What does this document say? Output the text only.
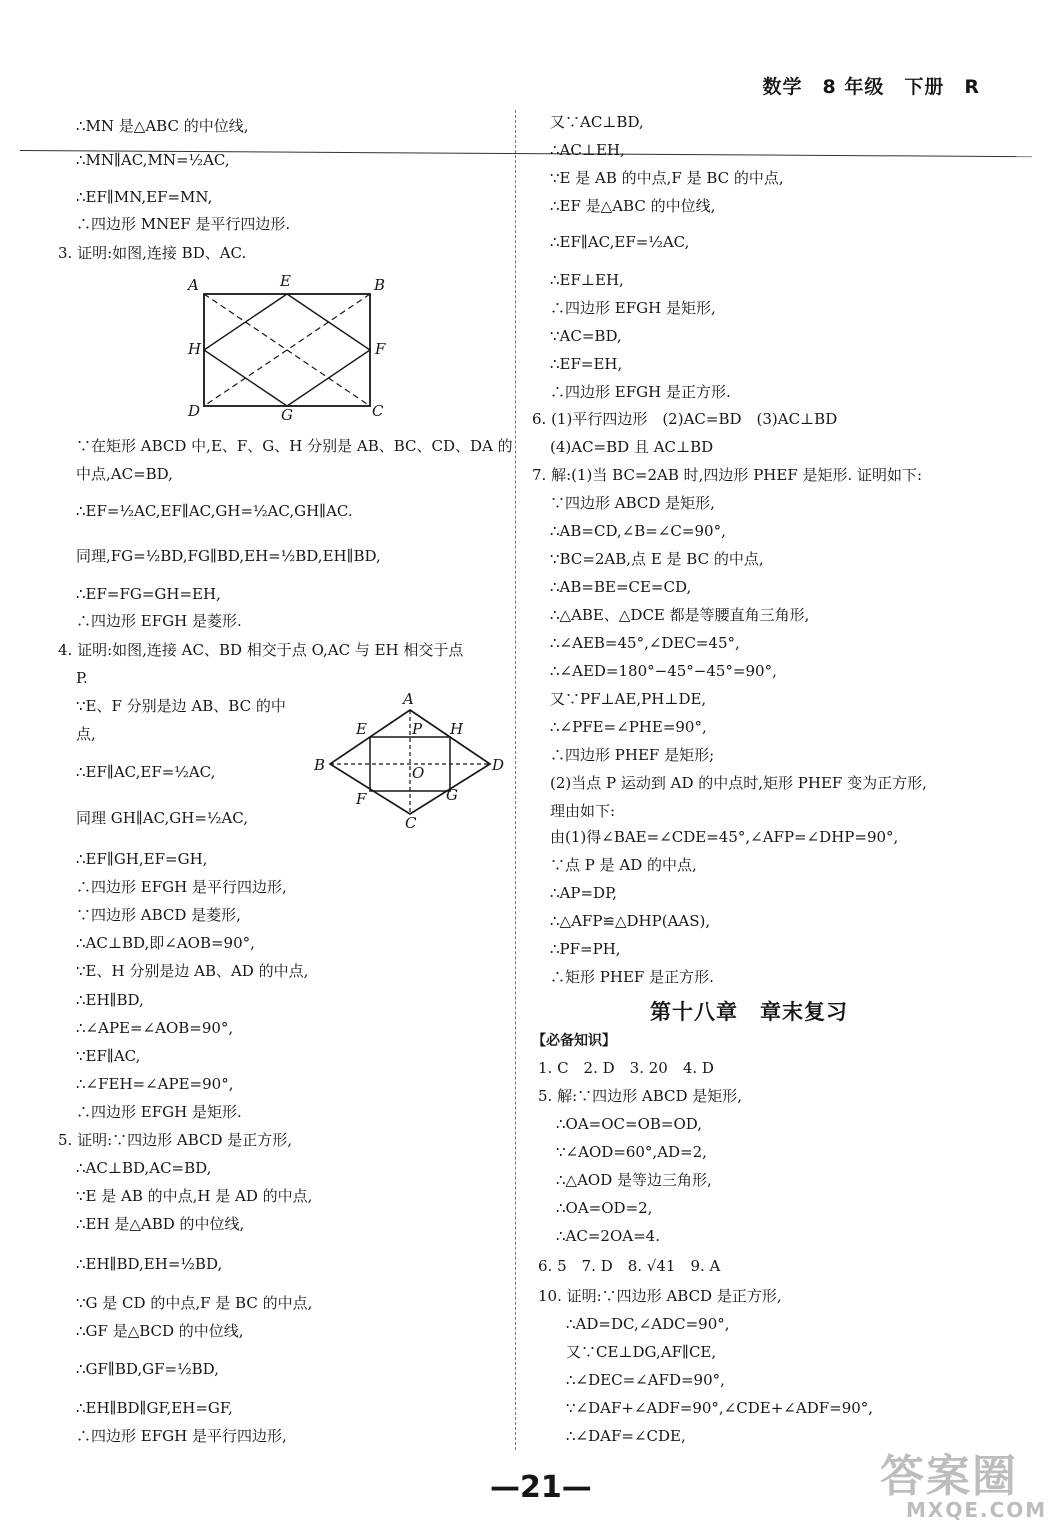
数学　8 年级　下册　R
∴MN 是△ABC 的中位线,
∴MN∥AC,MN=½AC,
∴EF∥MN,EF=MN,
∴四边形 MNEF 是平行四边形.
3. 证明:如图,连接 BD、AC.
A	E	B
H	F
D	G	C
∵在矩形 ABCD 中,E、F、G、H 分别是 AB、BC、CD、DA 的
中点,AC=BD,
∴EF=½AC,EF∥AC,GH=½AC,GH∥AC.
同理,FG=½BD,FG∥BD,EH=½BD,EH∥BD,
∴EF=FG=GH=EH,
∴四边形 EFGH 是菱形.
4. 证明:如图,连接 AC、BD 相交于点 O,AC 与 EH 相交于点
P.
∵E、F 分别是边 AB、BC 的中
点,
∴EF∥AC,EF=½AC,
同理 GH∥AC,GH=½AC,
A
E	P H
B	O	D
F	G
C
∴EF∥GH,EF=GH,
∴四边形 EFGH 是平行四边形,
∵四边形 ABCD 是菱形,
∴AC⊥BD,即∠AOB=90°,
∵E、H 分别是边 AB、AD 的中点,
∴EH∥BD,
∴∠APE=∠AOB=90°,
∵EF∥AC,
∴∠FEH=∠APE=90°,
∴四边形 EFGH 是矩形.
5. 证明:∵四边形 ABCD 是正方形,
∴AC⊥BD,AC=BD,
∵E 是 AB 的中点,H 是 AD 的中点,
∴EH 是△ABD 的中位线,
∴EH∥BD,EH=½BD,
∵G 是 CD 的中点,F 是 BC 的中点,
∴GF 是△BCD 的中位线,
∴GF∥BD,GF=½BD,
∴EH∥BD∥GF,EH=GF,
∴四边形 EFGH 是平行四边形,
又∵AC⊥BD,
∴AC⊥EH,
∵E 是 AB 的中点,F 是 BC 的中点,
∴EF 是△ABC 的中位线,
∴EF∥AC,EF=½AC,
∴EF⊥EH,
∴四边形 EFGH 是矩形,
∵AC=BD,
∴EF=EH,
∴四边形 EFGH 是正方形.
6. (1)平行四边形　(2)AC=BD　(3)AC⊥BD
(4)AC=BD 且 AC⊥BD
7. 解:(1)当 BC=2AB 时,四边形 PHEF 是矩形. 证明如下:
∵四边形 ABCD 是矩形,
∴AB=CD,∠B=∠C=90°,
∵BC=2AB,点 E 是 BC 的中点,
∴AB=BE=CE=CD,
∴△ABE、△DCE 都是等腰直角三角形,
∴∠AEB=45°,∠DEC=45°,
∴∠AED=180°−45°−45°=90°,
又∵PF⊥AE,PH⊥DE,
∴∠PFE=∠PHE=90°,
∴四边形 PHEF 是矩形;
(2)当点 P 运动到 AD 的中点时,矩形 PHEF 变为正方形,
理由如下:
由(1)得∠BAE=∠CDE=45°,∠AFP=∠DHP=90°,
∵点 P 是 AD 的中点,
∴AP=DP,
∴△AFP≌△DHP(AAS),
∴PF=PH,
∴矩形 PHEF 是正方形.
第十八章　章末复习
【必备知识】
1. C　2. D　3. 20　4. D
5. 解:∵四边形 ABCD 是矩形,
∴OA=OC=OB=OD,
∵∠AOD=60°,AD=2,
∴△AOD 是等边三角形,
∴OA=OD=2,
∴AC=2OA=4.
6. 5　7. D　8. √41　9. A
10. 证明:∵四边形 ABCD 是正方形,
∴AD=DC,∠ADC=90°,
又∵CE⊥DG,AF∥CE,
∴∠DEC=∠AFD=90°,
∵∠DAF+∠ADF=90°,∠CDE+∠ADF=90°,
∴∠DAF=∠CDE,
—21—	答案圈
MXQE.COM
